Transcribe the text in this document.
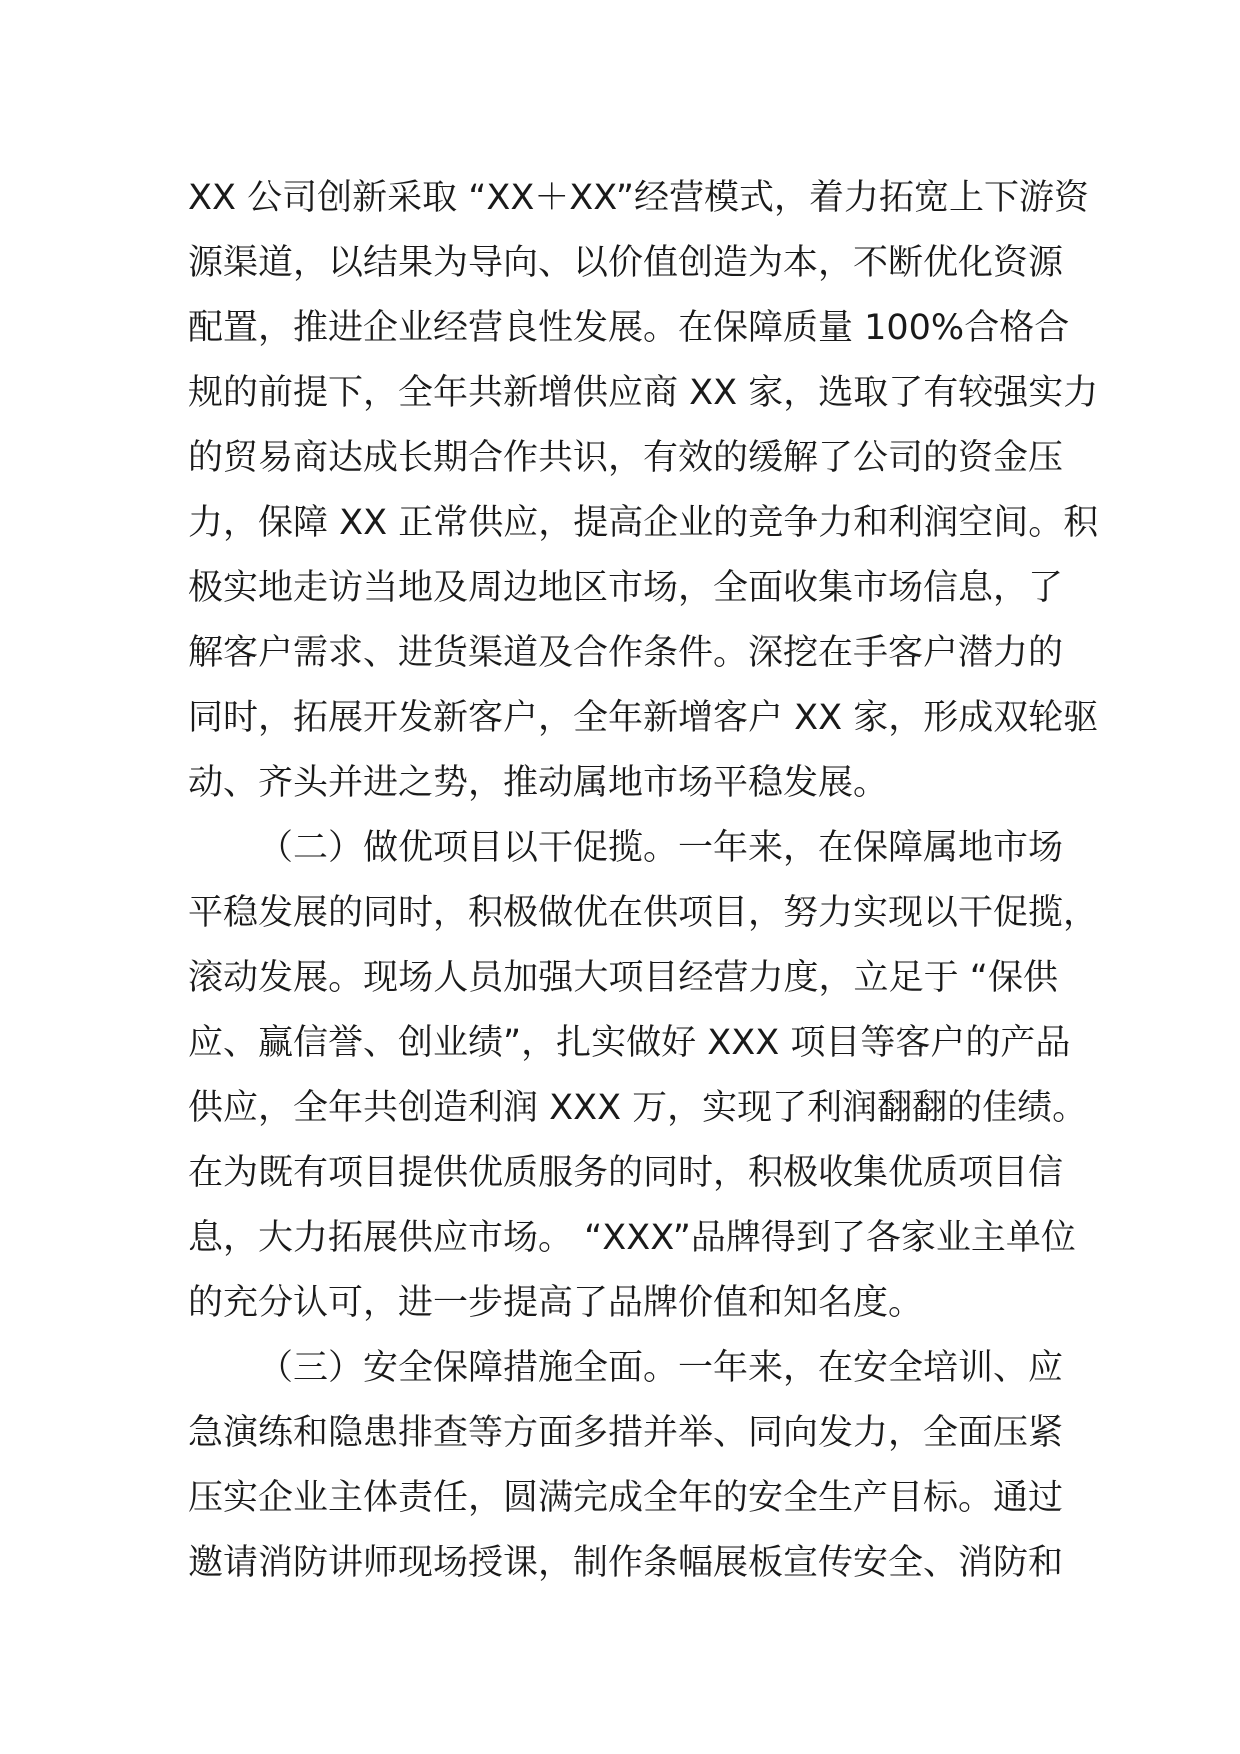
XX 公司创新采取 “XX＋XX”经营模式，着力拓宽上下游资
源渠道，以结果为导向、以价值创造为本，不断优化资源
配置，推进企业经营良性发展。在保障质量 100%合格合
规的前提下，全年共新增供应商 XX 家，选取了有较强实力
的贸易商达成长期合作共识，有效的缓解了公司的资金压
力，保障 XX 正常供应，提高企业的竞争力和利润空间。积
极实地走访当地及周边地区市场，全面收集市场信息，了
解客户需求、进货渠道及合作条件。深挖在手客户潜力的
同时，拓展开发新客户，全年新增客户 XX 家，形成双轮驱
动、齐头并进之势，推动属地市场平稳发展。
（二）做优项目以干促揽。一年来，在保障属地市场
平稳发展的同时，积极做优在供项目，努力实现以干促揽，
滚动发展。现场人员加强大项目经营力度，立足于 “保供
应、赢信誉、创业绩”，扎实做好 XXX 项目等客户的产品
供应，全年共创造利润 XXX 万，实现了利润翻翻的佳绩。
在为既有项目提供优质服务的同时，积极收集优质项目信
息，大力拓展供应市场。 “XXX”品牌得到了各家业主单位
的充分认可，进一步提高了品牌价值和知名度。
（三）安全保障措施全面。一年来，在安全培训、应
急演练和隐患排查等方面多措并举、同向发力，全面压紧
压实企业主体责任，圆满完成全年的安全生产目标。通过
邀请消防讲师现场授课，制作条幅展板宣传安全、消防和
